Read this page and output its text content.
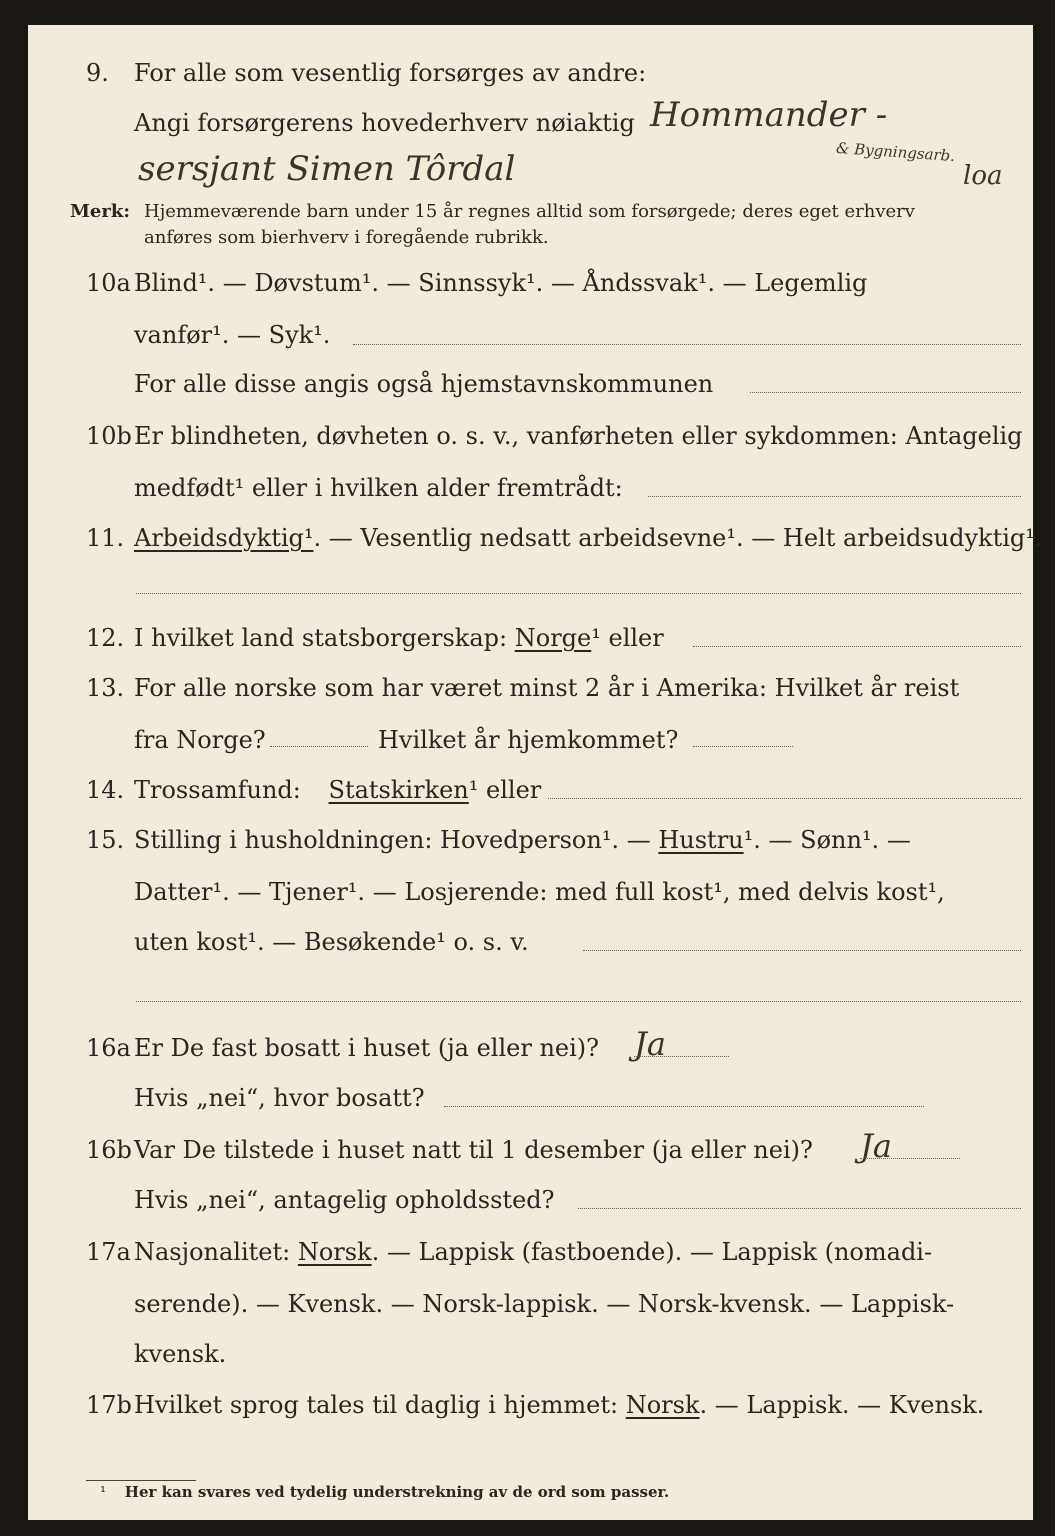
9. For alle som vesentlig forsørges av andre:
Angi forsørgerens hovederhverv nøiaktig Hommander -
sersjant Simen Tôrdal	& Bygningsarb.
loa
Merk: Hjemmeværende barn under 15 år regnes alltid som forsørgede; deres eget erhverv
anføres som bierhverv i foregående rubrikk.
10a Blind¹. — Døvstum¹. — Sinnssyk¹. — Åndssvak¹. — Legemlig
vanfør¹. — Syk¹.
For alle disse angis også hjemstavnskommunen
10b Er blindheten, døvheten o. s. v., vanførheten eller sykdommen: Antagelig
medfødt¹ eller i hvilken alder fremtrådt:
11. Arbeidsdyktig¹. — Vesentlig nedsatt arbeidsevne¹. — Helt arbeidsudyktig¹.
12. I hvilket land statsborgerskap: Norge¹ eller
13. For alle norske som har været minst 2 år i Amerika: Hvilket år reist
fra Norge?	Hvilket år hjemkommet?
14. Trossamfund: Statskirken¹ eller
15. Stilling i husholdningen: Hovedperson¹. — Hustru¹. — Sønn¹. —
Datter¹. — Tjener¹. — Losjerende: med full kost¹, med delvis kost¹,
uten kost¹. — Besøkende¹ o. s. v.
16a Er De fast bosatt i huset (ja eller nei)? Ja
Hvis „nei“, hvor bosatt?
16b Var De tilstede i huset natt til 1 desember (ja eller nei)? Ja
Hvis „nei“, antagelig opholdssted?
17a Nasjonalitet: Norsk. — Lappisk (fastboende). — Lappisk (nomadi-
serende). — Kvensk. — Norsk-lappisk. — Norsk-kvensk. — Lappisk-
kvensk.
17b Hvilket sprog tales til daglig i hjemmet: Norsk. — Lappisk. — Kvensk.
¹ Her kan svares ved tydelig understrekning av de ord som passer.
